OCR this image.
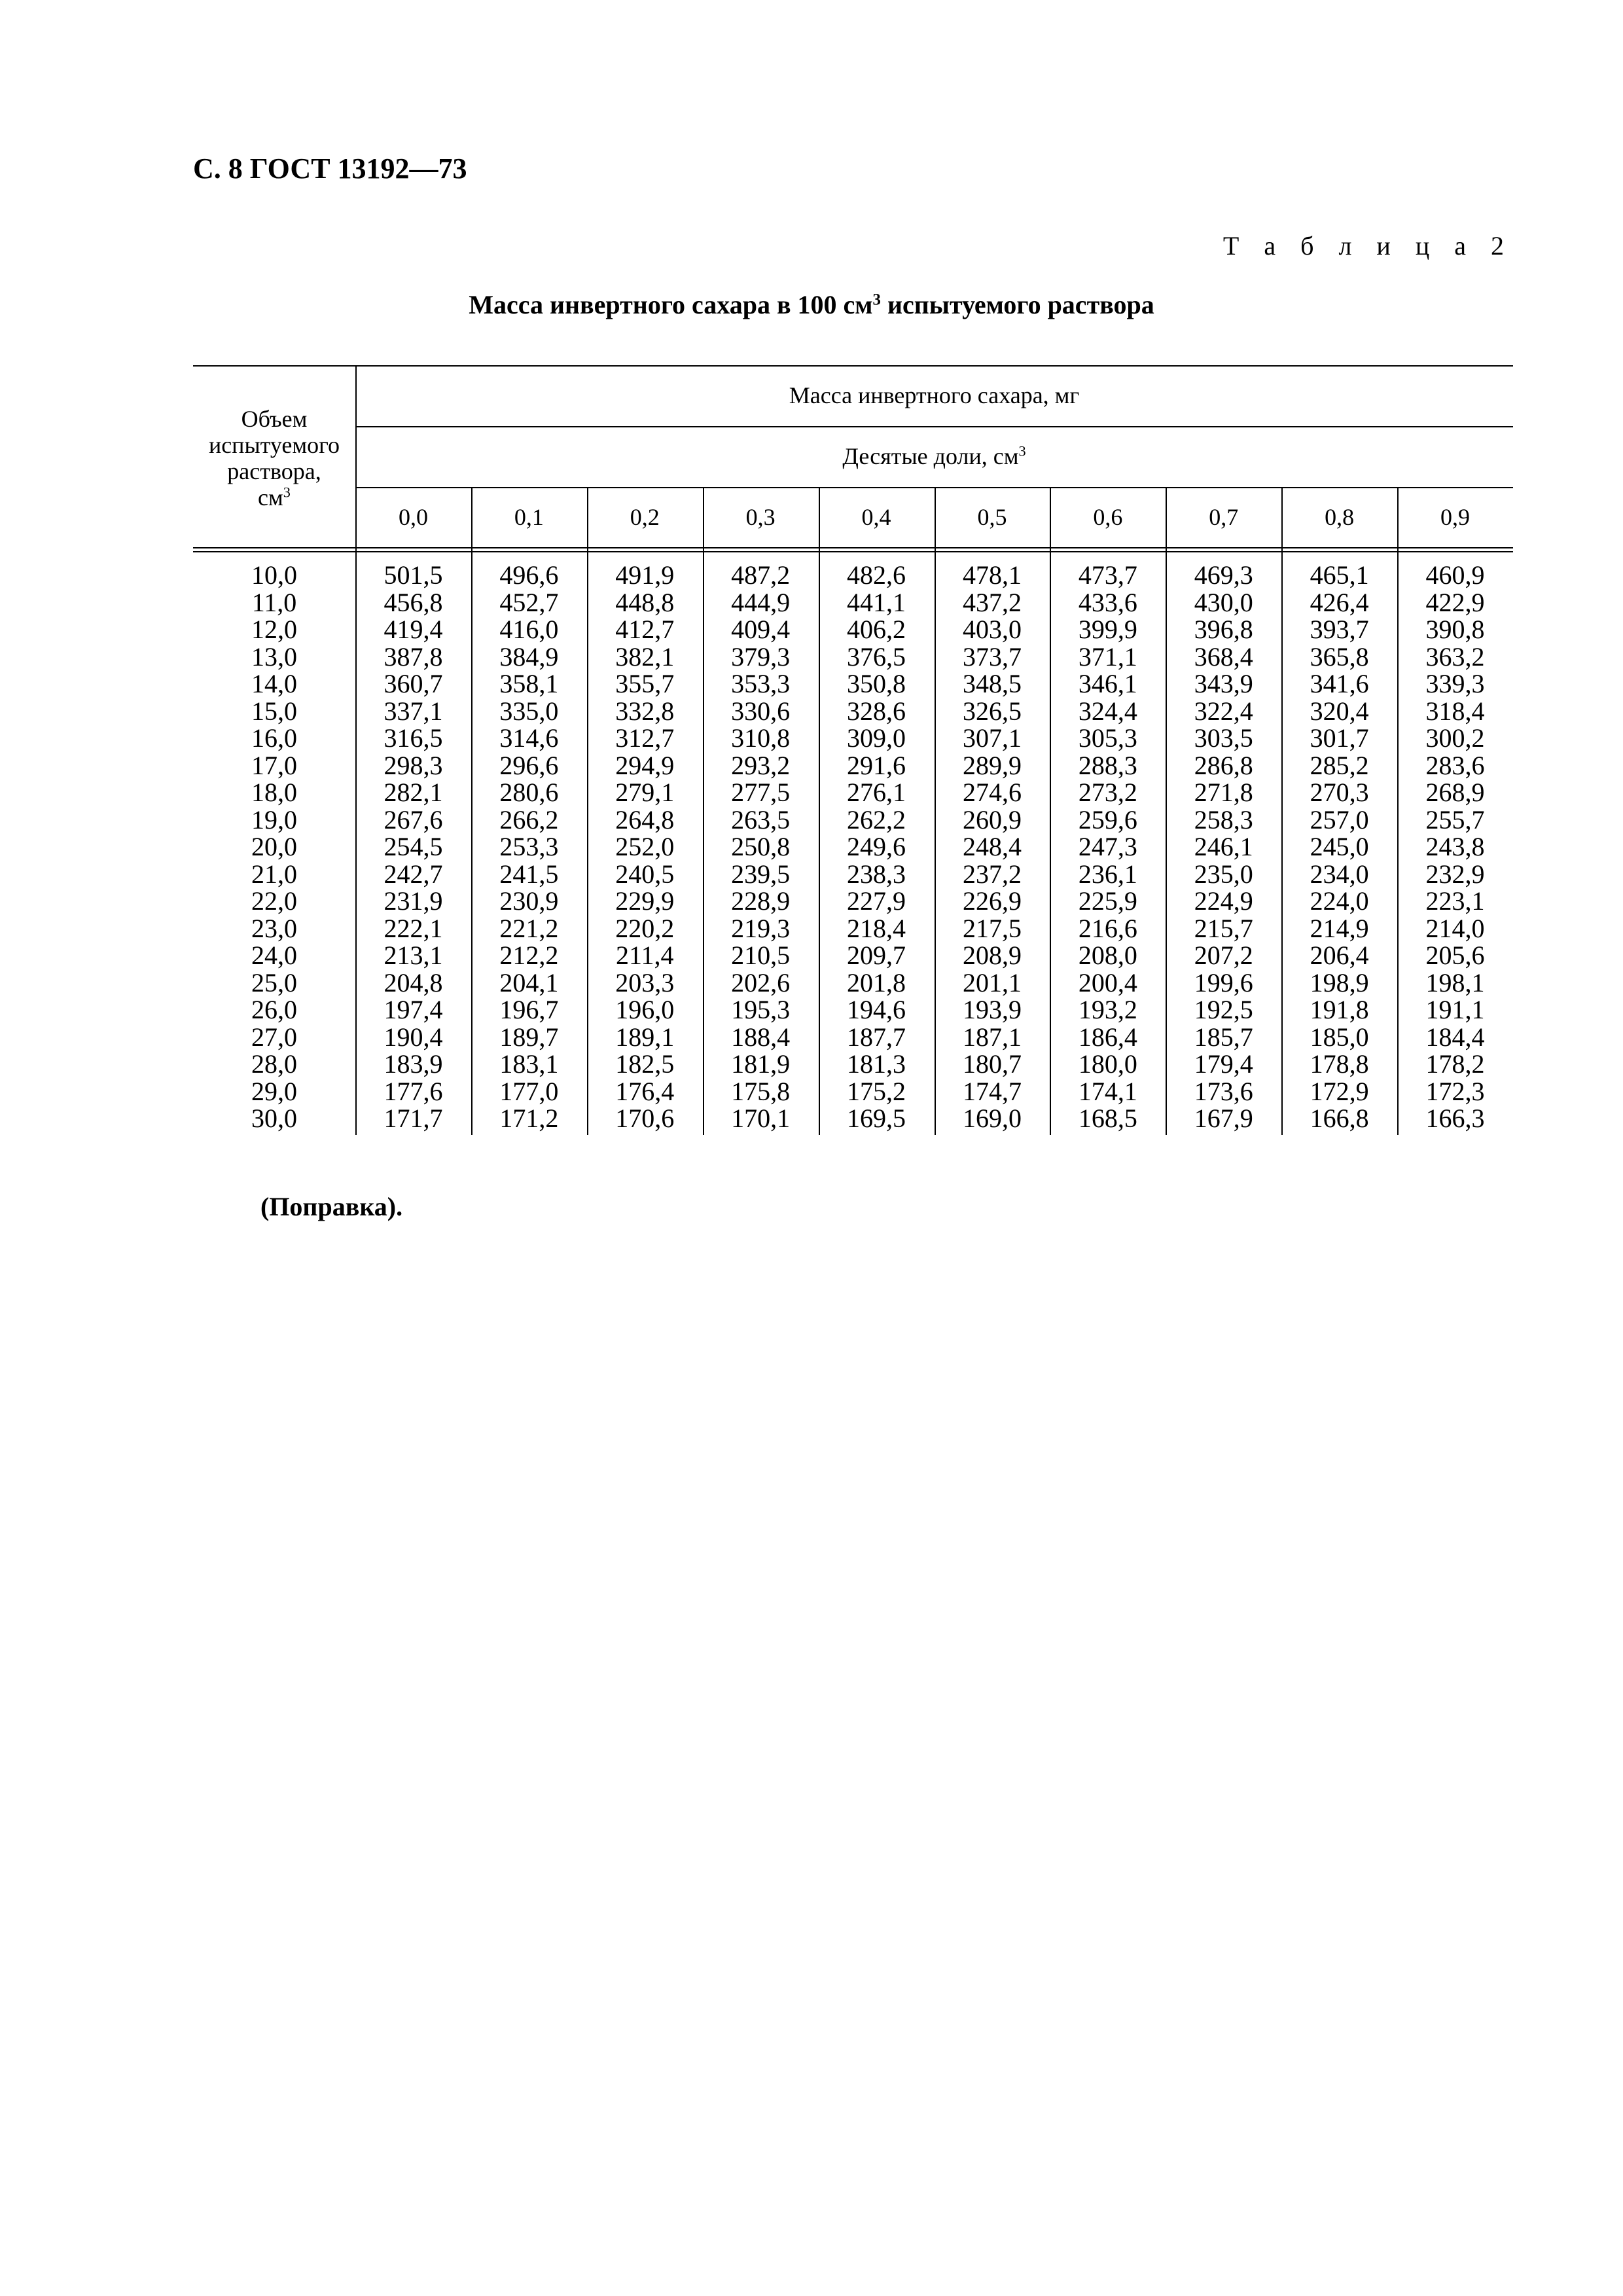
С. 8 ГОСТ 13192—73
Т а б л и ц а 2
Масса инвертного сахара в 100 $см^3$ испытуемого раствора
Объем
испытуемого
раствора,
$см^3$
Масса инвертного сахара, мг
Десятые доли, $см^3$
0,0	0,1	0,2	0,3	0,4	0,5	0,6	0,7	0,8	0,9
10,0	501,5	496,6	491,9	487,2	482,6	478,1	473,7	469,3	465,1	460,9
11,0	456,8	452,7	448,8	444,9	441,1	437,2	433,6	430,0	426,4	422,9
12,0	419,4	416,0	412,7	409,4	406,2	403,0	399,9	396,8	393,7	390,8
13,0	387,8	384,9	382,1	379,3	376,5	373,7	371,1	368,4	365,8	363,2
14,0	360,7	358,1	355,7	353,3	350,8	348,5	346,1	343,9	341,6	339,3
15,0	337,1	335,0	332,8	330,6	328,6	326,5	324,4	322,4	320,4	318,4
16,0	316,5	314,6	312,7	310,8	309,0	307,1	305,3	303,5	301,7	300,2
17,0	298,3	296,6	294,9	293,2	291,6	289,9	288,3	286,8	285,2	283,6
18,0	282,1	280,6	279,1	277,5	276,1	274,6	273,2	271,8	270,3	268,9
19,0	267,6	266,2	264,8	263,5	262,2	260,9	259,6	258,3	257,0	255,7
20,0	254,5	253,3	252,0	250,8	249,6	248,4	247,3	246,1	245,0	243,8
21,0	242,7	241,5	240,5	239,5	238,3	237,2	236,1	235,0	234,0	232,9
22,0	231,9	230,9	229,9	228,9	227,9	226,9	225,9	224,9	224,0	223,1
23,0	222,1	221,2	220,2	219,3	218,4	217,5	216,6	215,7	214,9	214,0
24,0	213,1	212,2	211,4	210,5	209,7	208,9	208,0	207,2	206,4	205,6
25,0	204,8	204,1	203,3	202,6	201,8	201,1	200,4	199,6	198,9	198,1
26,0	197,4	196,7	196,0	195,3	194,6	193,9	193,2	192,5	191,8	191,1
27,0	190,4	189,7	189,1	188,4	187,7	187,1	186,4	185,7	185,0	184,4
28,0	183,9	183,1	182,5	181,9	181,3	180,7	180,0	179,4	178,8	178,2
29,0	177,6	177,0	176,4	175,8	175,2	174,7	174,1	173,6	172,9	172,3
30,0	171,7	171,2	170,6	170,1	169,5	169,0	168,5	167,9	166,8	166,3
(Поправка).
